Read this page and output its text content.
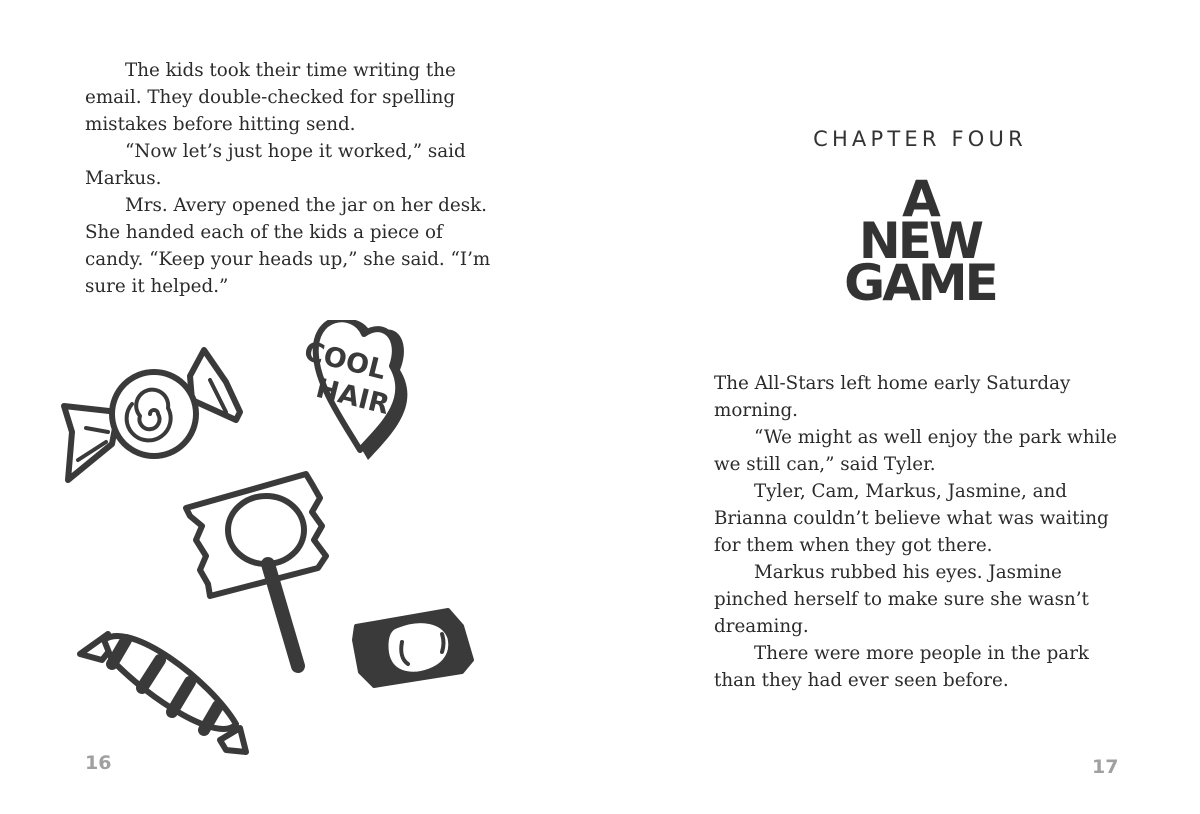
The kids took their time writing the email. They double-checked for spelling mistakes before hitting send.

“Now let’s just hope it worked,” said Markus.

Mrs. Avery opened the jar on her desk. She handed each of the kids a piece of candy. “Keep your heads up,” she said. “I’m sure it helped.”

COOL
HAIR
16
CHAPTER FOUR
A
NEW
GAME

The All-Stars left home early Saturday morning.

“We might as well enjoy the park while we still can,” said Tyler.

Tyler, Cam, Markus, Jasmine, and Brianna couldn’t believe what was waiting for them when they got there.

Markus rubbed his eyes. Jasmine pinched herself to make sure she wasn’t dreaming.

There were more people in the park than they had ever seen before.

17
